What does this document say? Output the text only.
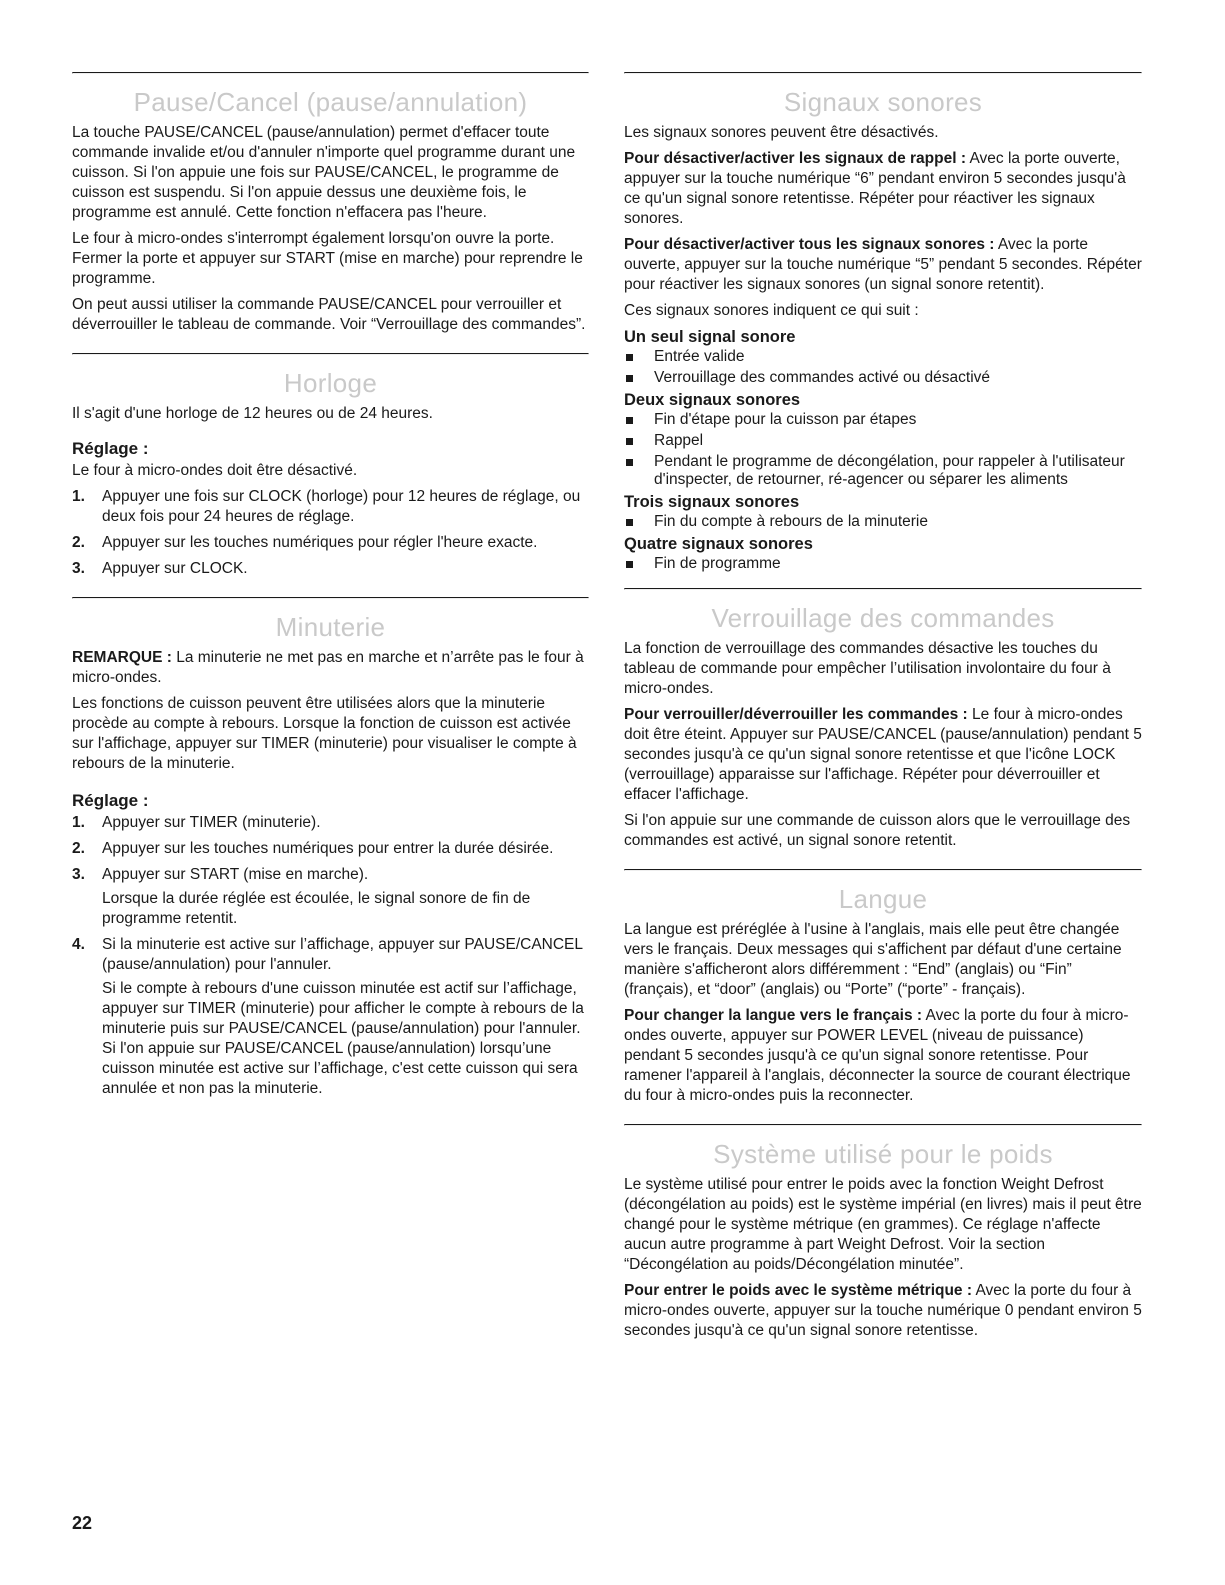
Pause/Cancel (pause/annulation)

La touche PAUSE/CANCEL (pause/annulation) permet d'effacer toute commande invalide et/ou d'annuler n'importe quel programme durant une cuisson. Si l'on appuie une fois sur PAUSE/CANCEL, le programme de cuisson est suspendu. Si l'on appuie dessus une deuxième fois, le programme est annulé. Cette fonction n'effacera pas l'heure.

Le four à micro-ondes s'interrompt également lorsqu'on ouvre la porte. Fermer la porte et appuyer sur START (mise en marche) pour reprendre le programme.

On peut aussi utiliser la commande PAUSE/CANCEL pour verrouiller et déverrouiller le tableau de commande. Voir “Verrouillage des commandes”.

Horloge

Il s'agit d'une horloge de 12 heures ou de 24 heures.

Réglage :

Le four à micro-ondes doit être désactivé.

1. Appuyer une fois sur CLOCK (horloge) pour 12 heures de réglage, ou deux fois pour 24 heures de réglage.
2. Appuyer sur les touches numériques pour régler l'heure exacte.
3. Appuyer sur CLOCK.
Minuterie

REMARQUE : La minuterie ne met pas en marche et n’arrête pas le four à micro-ondes.

Les fonctions de cuisson peuvent être utilisées alors que la minuterie procède au compte à rebours. Lorsque la fonction de cuisson est activée sur l'affichage, appuyer sur TIMER (minuterie) pour visualiser le compte à rebours de la minuterie.

Réglage :
1. Appuyer sur TIMER (minuterie).
2. Appuyer sur les touches numériques pour entrer la durée désirée.
3. Appuyer sur START (mise en marche).

Lorsque la durée réglée est écoulée, le signal sonore de fin de programme retentit.

4. Si la minuterie est active sur l’affichage, appuyer sur PAUSE/CANCEL (pause/annulation) pour l'annuler.

Si le compte à rebours d'une cuisson minutée est actif sur l’affichage, appuyer sur TIMER (minuterie) pour afficher le compte à rebours de la minuterie puis sur PAUSE/CANCEL (pause/annulation) pour l'annuler. Si l'on appuie sur PAUSE/CANCEL (pause/annulation) lorsqu’une cuisson minutée est active sur l’affichage, c'est cette cuisson qui sera annulée et non pas la minuterie.

Signaux sonores

Les signaux sonores peuvent être désactivés.

Pour désactiver/activer les signaux de rappel : Avec la porte ouverte, appuyer sur la touche numérique “6” pendant environ 5 secondes jusqu'à ce qu'un signal sonore retentisse. Répéter pour réactiver les signaux sonores.

Pour désactiver/activer tous les signaux sonores : Avec la porte ouverte, appuyer sur la touche numérique “5” pendant 5 secondes. Répéter pour réactiver les signaux sonores (un signal sonore retentit).

Ces signaux sonores indiquent ce qui suit :

Un seul signal sonore
Entrée valide
Verrouillage des commandes activé ou désactivé
Deux signaux sonores
Fin d'étape pour la cuisson par étapes
Rappel
Pendant le programme de décongélation, pour rappeler à l'utilisateur d'inspecter, de retourner, ré-agencer ou séparer les aliments
Trois signaux sonores
Fin du compte à rebours de la minuterie
Quatre signaux sonores
Fin de programme
Verrouillage des commandes

La fonction de verrouillage des commandes désactive les touches du tableau de commande pour empêcher l’utilisation involontaire du four à micro-ondes.

Pour verrouiller/déverrouiller les commandes : Le four à micro-ondes doit être éteint. Appuyer sur PAUSE/CANCEL (pause/annulation) pendant 5 secondes jusqu'à ce qu'un signal sonore retentisse et que l'icône LOCK (verrouillage) apparaisse sur l'affichage. Répéter pour déverrouiller et effacer l'affichage.

Si l'on appuie sur une commande de cuisson alors que le verrouillage des commandes est activé, un signal sonore retentit.

Langue

La langue est préréglée à l'usine à l'anglais, mais elle peut être changée vers le français. Deux messages qui s'affichent par défaut d'une certaine manière s'afficheront alors différemment : “End” (anglais) ou “Fin” (français), et “door” (anglais) ou “Porte” (“porte” - français).

Pour changer la langue vers le français : Avec la porte du four à micro-ondes ouverte, appuyer sur POWER LEVEL (niveau de puissance) pendant 5 secondes jusqu'à ce qu'un signal sonore retentisse. Pour ramener l'appareil à l'anglais, déconnecter la source de courant électrique du four à micro-ondes puis la reconnecter.

Système utilisé pour le poids

Le système utilisé pour entrer le poids avec la fonction Weight Defrost (décongélation au poids) est le système impérial (en livres) mais il peut être changé pour le système métrique (en grammes). Ce réglage n'affecte aucun autre programme à part Weight Defrost. Voir la section “Décongélation au poids/Décongélation minutée”.

Pour entrer le poids avec le système métrique : Avec la porte du four à micro-ondes ouverte, appuyer sur la touche numérique 0 pendant environ 5 secondes jusqu'à ce qu'un signal sonore retentisse.

22
